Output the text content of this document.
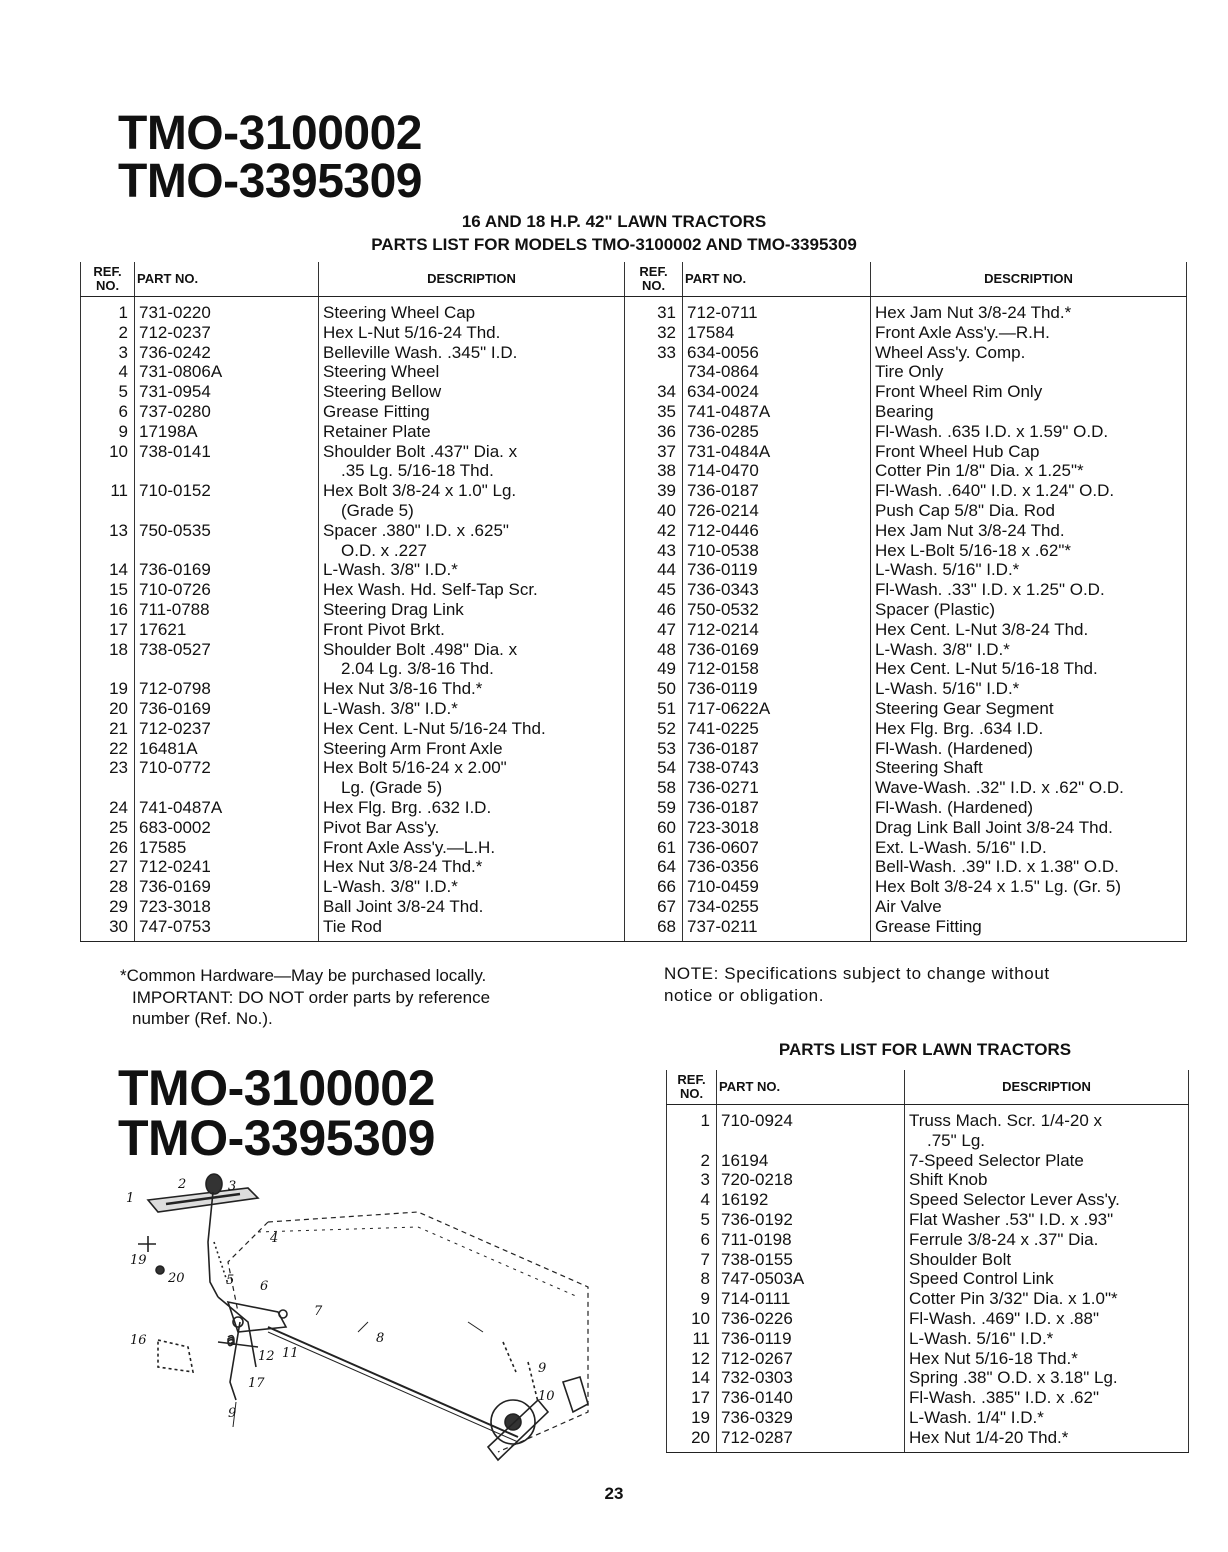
TMO-3100002
TMO-3395309
16 AND 18 H.P. 42" LAWN TRACTORS
PARTS LIST FOR MODELS TMO-3100002 AND TMO-3395309
REF. NO.	PART NO.	DESCRIPTION	REF. NO.	PART NO.	DESCRIPTION
1	731-0220	Steering Wheel Cap	31	712-0711	Hex Jam Nut 3/8-24 Thd.*
2	712-0237	Hex L-Nut 5/16-24 Thd.	32	17584	Front Axle Ass'y.—R.H.
3	736-0242	Belleville Wash. .345" I.D.	33	634-0056	Wheel Ass'y. Comp.
4	731-0806A	Steering Wheel		734-0864	Tire Only
5	731-0954	Steering Bellow	34	634-0024	Front Wheel Rim Only
6	737-0280	Grease Fitting	35	741-0487A	Bearing
9	17198A	Retainer Plate	36	736-0285	Fl-Wash. .635 I.D. x 1.59" O.D.
10	738-0141	Shoulder Bolt .437" Dia. x	37	731-0484A	Front Wheel Hub Cap
		.35 Lg. 5/16-18 Thd.	38	714-0470	Cotter Pin 1/8" Dia. x 1.25"*
11	710-0152	Hex Bolt 3/8-24 x 1.0" Lg.	39	736-0187	Fl-Wash. .640" I.D. x 1.24" O.D.
		(Grade 5)	40	726-0214	Push Cap 5/8" Dia. Rod
13	750-0535	Spacer .380" I.D. x .625"	42	712-0446	Hex Jam Nut 3/8-24 Thd.
		O.D. x .227	43	710-0538	Hex L-Bolt 5/16-18 x .62"*
14	736-0169	L-Wash. 3/8" I.D.*	44	736-0119	L-Wash. 5/16" I.D.*
15	710-0726	Hex Wash. Hd. Self-Tap Scr.	45	736-0343	Fl-Wash. .33" I.D. x 1.25" O.D.
16	711-0788	Steering Drag Link	46	750-0532	Spacer (Plastic)
17	17621	Front Pivot Brkt.	47	712-0214	Hex Cent. L-Nut 3/8-24 Thd.
18	738-0527	Shoulder Bolt .498" Dia. x	48	736-0169	L-Wash. 3/8" I.D.*
		2.04 Lg. 3/8-16 Thd.	49	712-0158	Hex Cent. L-Nut 5/16-18 Thd.
19	712-0798	Hex Nut 3/8-16 Thd.*	50	736-0119	L-Wash. 5/16" I.D.*
20	736-0169	L-Wash. 3/8" I.D.*	51	717-0622A	Steering Gear Segment
21	712-0237	Hex Cent. L-Nut 5/16-24 Thd.	52	741-0225	Hex Flg. Brg. .634 I.D.
22	16481A	Steering Arm Front Axle	53	736-0187	Fl-Wash. (Hardened)
23	710-0772	Hex Bolt 5/16-24 x 2.00"	54	738-0743	Steering Shaft
		Lg. (Grade 5)	58	736-0271	Wave-Wash. .32" I.D. x .62" O.D.
24	741-0487A	Hex Flg. Brg. .632 I.D.	59	736-0187	Fl-Wash. (Hardened)
25	683-0002	Pivot Bar Ass'y.	60	723-3018	Drag Link Ball Joint 3/8-24 Thd.
26	17585	Front Axle Ass'y.—L.H.	61	736-0607	Ext. L-Wash. 5/16" I.D.
27	712-0241	Hex Nut 3/8-24 Thd.*	64	736-0356	Bell-Wash. .39" I.D. x 1.38" O.D.
28	736-0169	L-Wash. 3/8" I.D.*	66	710-0459	Hex Bolt 3/8-24 x 1.5" Lg. (Gr. 5)
29	723-3018	Ball Joint 3/8-24 Thd.	67	734-0255	Air Valve
30	747-0753	Tie Rod	68	737-0211	Grease Fitting
*Common Hardware—May be purchased locally.
IMPORTANT: DO NOT order parts by reference
number (Ref. No.).
NOTE: Specifications subject to change without
notice or obligation.
TMO-3100002
TMO-3395309
PARTS LIST FOR LAWN TRACTORS
REF. NO.	PART NO.	DESCRIPTION
1	710-0924	Truss Mach. Scr. 1/4-20 x
		.75" Lg.
2	16194	7-Speed Selector Plate
3	720-0218	Shift Knob
4	16192	Speed Selector Lever Ass'y.
5	736-0192	Flat Washer .53" I.D. x .93"
6	711-0198	Ferrule 3/8-24 x .37" Dia.
7	738-0155	Shoulder Bolt
8	747-0503A	Speed Control Link
9	714-0111	Cotter Pin 3/32" Dia. x 1.0"*
10	736-0226	Fl-Wash. .469" I.D. x .88"
11	736-0119	L-Wash. 5/16" I.D.*
12	712-0267	Hex Nut 5/16-18 Thd.*
14	732-0303	Spring .38" O.D. x 3.18" Lg.
17	736-0140	Fl-Wash. .385" I.D. x .62"
19	736-0329	L-Wash. 1/4" I.D.*
20	712-0287	Hex Nut 1/4-20 Thd.*
1
2	3
4
19
20	5 6
7
8
16
12 11
17
9
9
10
23
